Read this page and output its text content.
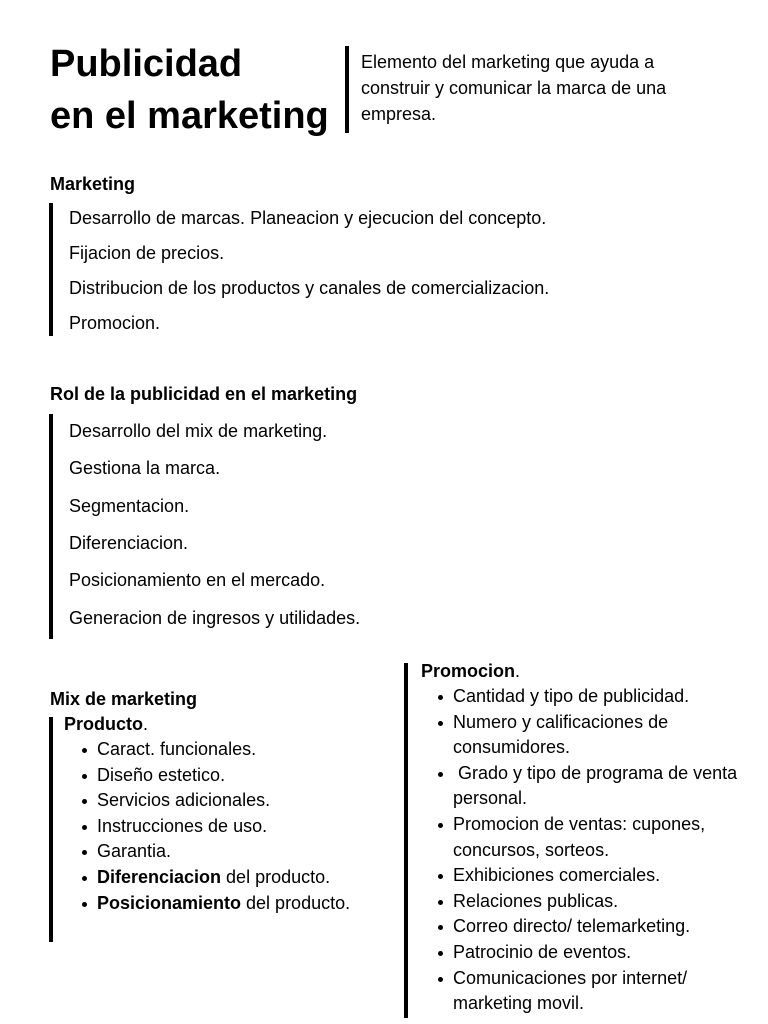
Publicidad
en el marketing
Elemento del marketing que ayuda a construir y comunicar la marca de una empresa.
Marketing
Desarrollo de marcas. Planeacion y ejecucion del concepto.
Fijacion de precios.
Distribucion de los productos y canales de comercializacion.
Promocion.
Rol de la publicidad en el marketing
Desarrollo del mix de marketing.
Gestiona la marca.
Segmentacion.
Diferenciacion.
Posicionamiento en el mercado.
Generacion de ingresos y utilidades.
Mix de marketing
Producto.
Caract. funcionales.
Diseño estetico.
Servicios adicionales.
Instrucciones de uso.
Garantia.
Diferenciacion del producto.
Posicionamiento del producto.
Promocion.
Cantidad y tipo de publicidad.
Numero y calificaciones de consumidores.
Grado y tipo de programa de venta personal.
Promocion de ventas: cupones, concursos, sorteos.
Exhibiciones comerciales.
Relaciones publicas.
Correo directo/ telemarketing.
Patrocinio de eventos.
Comunicaciones por internet/ marketing movil.
